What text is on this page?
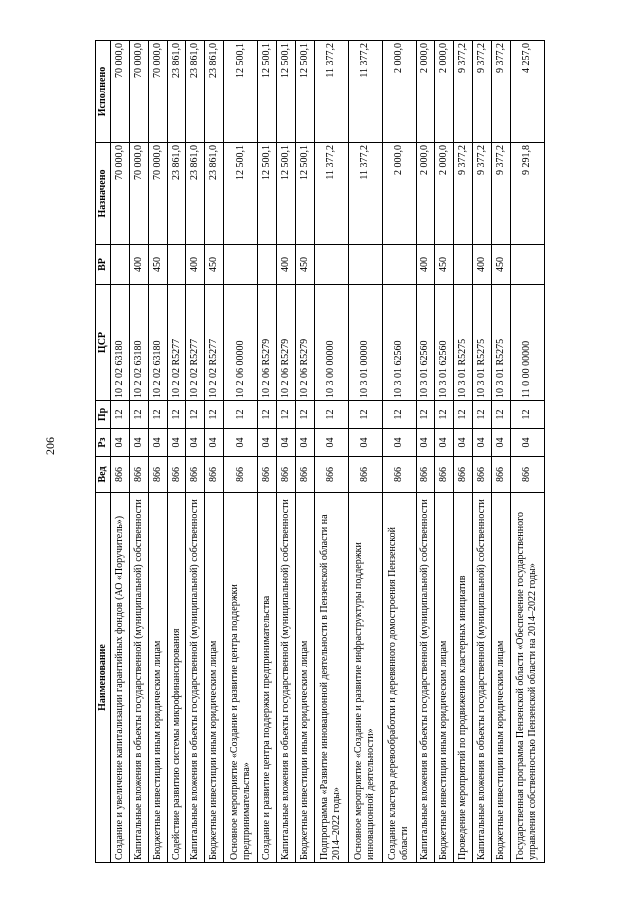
206
Наименование	Вед	Рз	Пр	ЦСР	ВР	Назначено	Исполнено
Создание и увеличение капитализации гарантийных фондов (АО «Поручитель»)	866	04	12	10 2 02 63180		70 000,0	70 000,0
Капитальные вложения в объекты государственной (муниципальной) собственности	866	04	12	10 2 02 63180	400	70 000,0	70 000,0
Бюджетные инвестиции иным юридическим лицам	866	04	12	10 2 02 63180	450	70 000,0	70 000,0
Содействие развитию системы микрофинансирования	866	04	12	10 2 02 R5277		23 861,0	23 861,0
Капитальные вложения в объекты государственной (муниципальной) собственности	866	04	12	10 2 02 R5277	400	23 861,0	23 861,0
Бюджетные инвестиции иным юридическим лицам	866	04	12	10 2 02 R5277	450	23 861,0	23 861,0
Основное мероприятие «Создание и развитие центра поддержки предпринимательства»	866	04	12	10 2 06 00000		12 500,1	12 500,1
Создание и развитие центра поддержки предпринимательства	866	04	12	10 2 06 R5279		12 500,1	12 500,1
Капитальные вложения в объекты государственной (муниципальной) собственности	866	04	12	10 2 06 R5279	400	12 500,1	12 500,1
Бюджетные инвестиции иным юридическим лицам	866	04	12	10 2 06 R5279	450	12 500,1	12 500,1
Подпрограмма «Развитие инновационной деятельности в Пензенской области на 2014–2022 годы»	866	04	12	10 3 00 00000		11 377,2	11 377,2
Основное мероприятие «Создание и развитие инфраструктуры поддержки инновационной деятельности»	866	04	12	10 3 01 00000		11 377,2	11 377,2
Создание кластера деревообработки и деревянного домостроения Пензенской области	866	04	12	10 3 01 62560		2 000,0	2 000,0
Капитальные вложения в объекты государственной (муниципальной) собственности	866	04	12	10 3 01 62560	400	2 000,0	2 000,0
Бюджетные инвестиции иным юридическим лицам	866	04	12	10 3 01 62560	450	2 000,0	2 000,0
Проведение мероприятий по продвижению кластерных инициатив	866	04	12	10 3 01 R5275		9 377,2	9 377,2
Капитальные вложения в объекты государственной (муниципальной) собственности	866	04	12	10 3 01 R5275	400	9 377,2	9 377,2
Бюджетные инвестиции иным юридическим лицам	866	04	12	10 3 01 R5275	450	9 377,2	9 377,2
Государственная программа Пензенской области «Обеспечение государственного управления собственностью Пензенской области на 2014–2022 годы»	866	04	12	11 0 00 00000		9 291,8	4 257,0
